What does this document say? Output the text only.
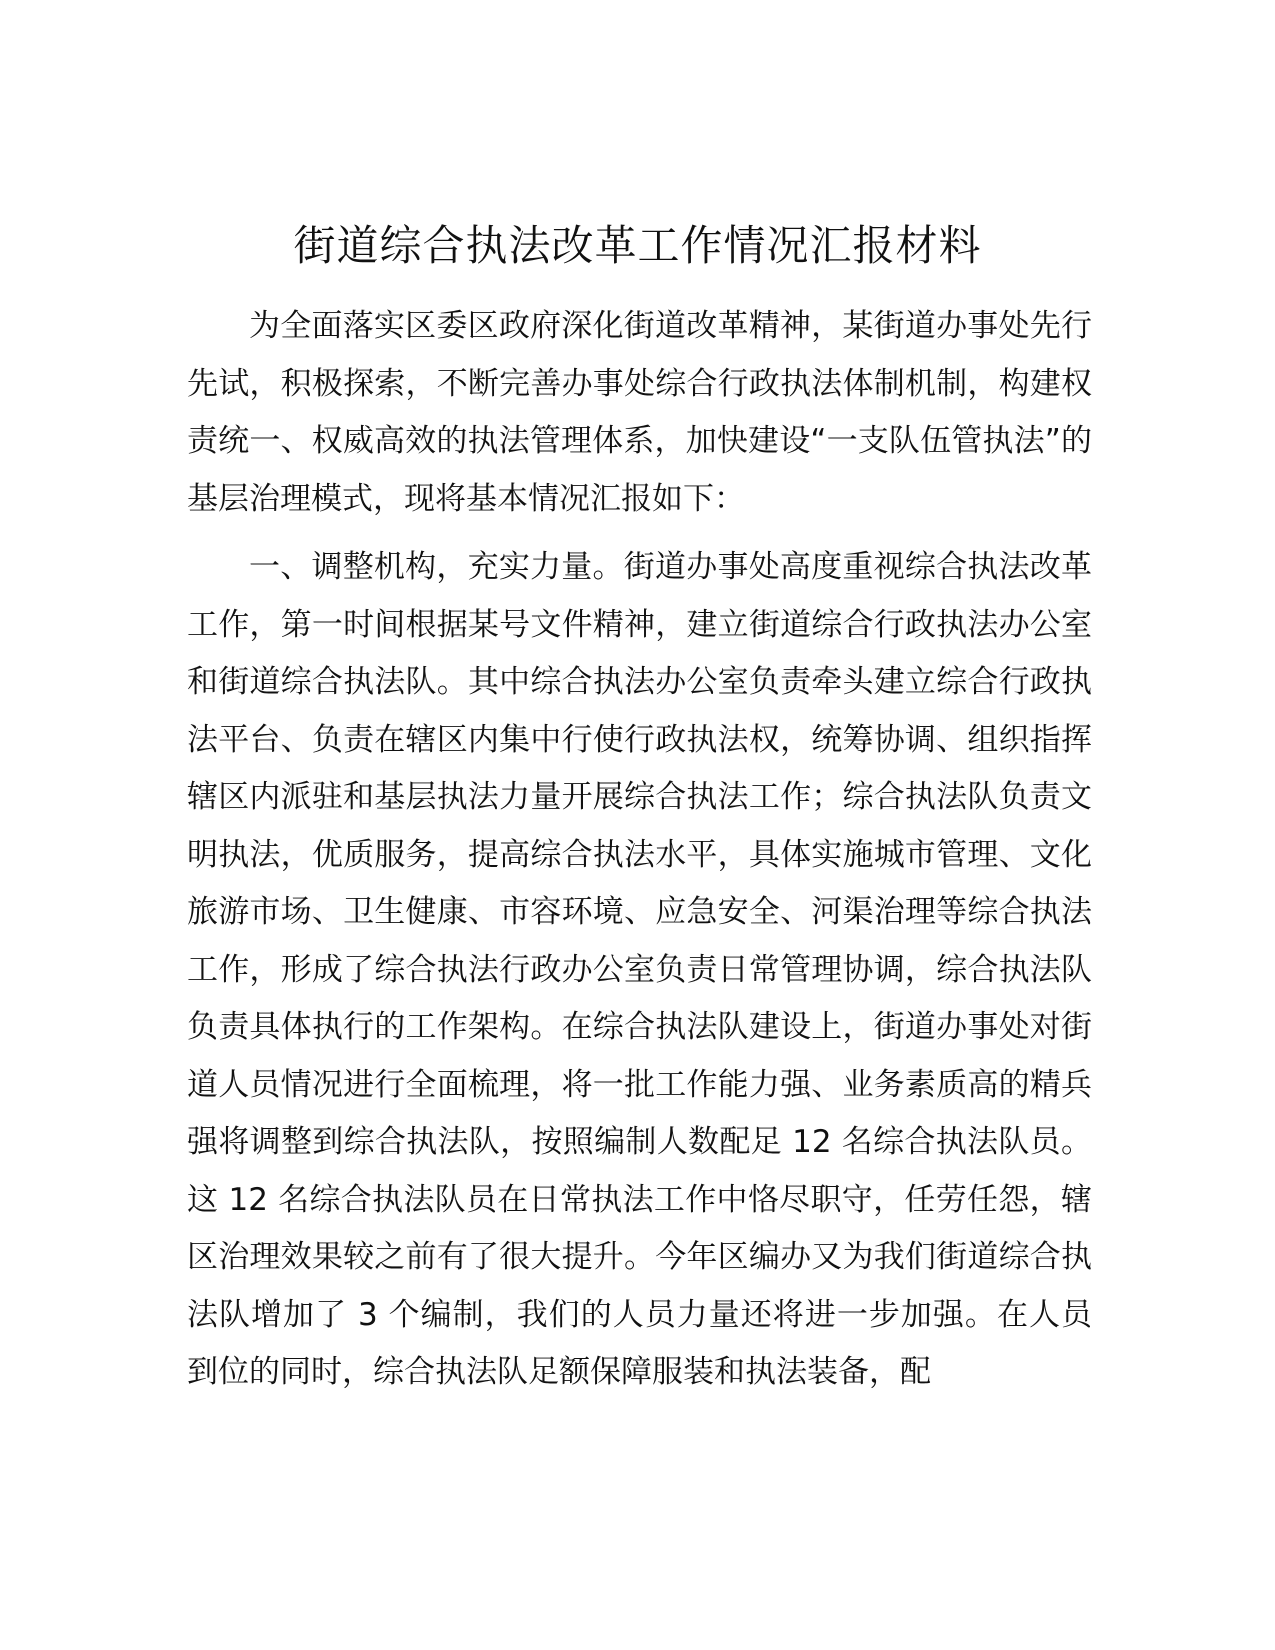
街道综合执法改革工作情况汇报材料

为全面落实区委区政府深化街道改革精神，某街道办事处先行先试，积极探索，不断完善办事处综合行政执法体制机制，构建权责统一、权威高效的执法管理体系，加快建设“一支队伍管执法”的基层治理模式，现将基本情况汇报如下：

一、调整机构，充实力量。街道办事处高度重视综合执法改革工作，第一时间根据某号文件精神，建立街道综合行政执法办公室和街道综合执法队。其中综合执法办公室负责牵头建立综合行政执法平台、负责在辖区内集中行使行政执法权，统筹协调、组织指挥辖区内派驻和基层执法力量开展综合执法工作；综合执法队负责文明执法，优质服务，提高综合执法水平，具体实施城市管理、文化旅游市场、卫生健康、市容环境、应急安全、河渠治理等综合执法工作，形成了综合执法行政办公室负责日常管理协调，综合执法队负责具体执行的工作架构。在综合执法队建设上，街道办事处对街道人员情况进行全面梳理，将一批工作能力强、业务素质高的精兵强将调整到综合执法队，按照编制人数配足 12 名综合执法队员。这 12 名综合执法队员在日常执法工作中恪尽职守，任劳任怨，辖区治理效果较之前有了很大提升。今年区编办又为我们街道综合执法队增加了 3 个编制，我们的人员力量还将进一步加强。在人员到位的同时，综合执法队足额保障服装和执法装备，配
